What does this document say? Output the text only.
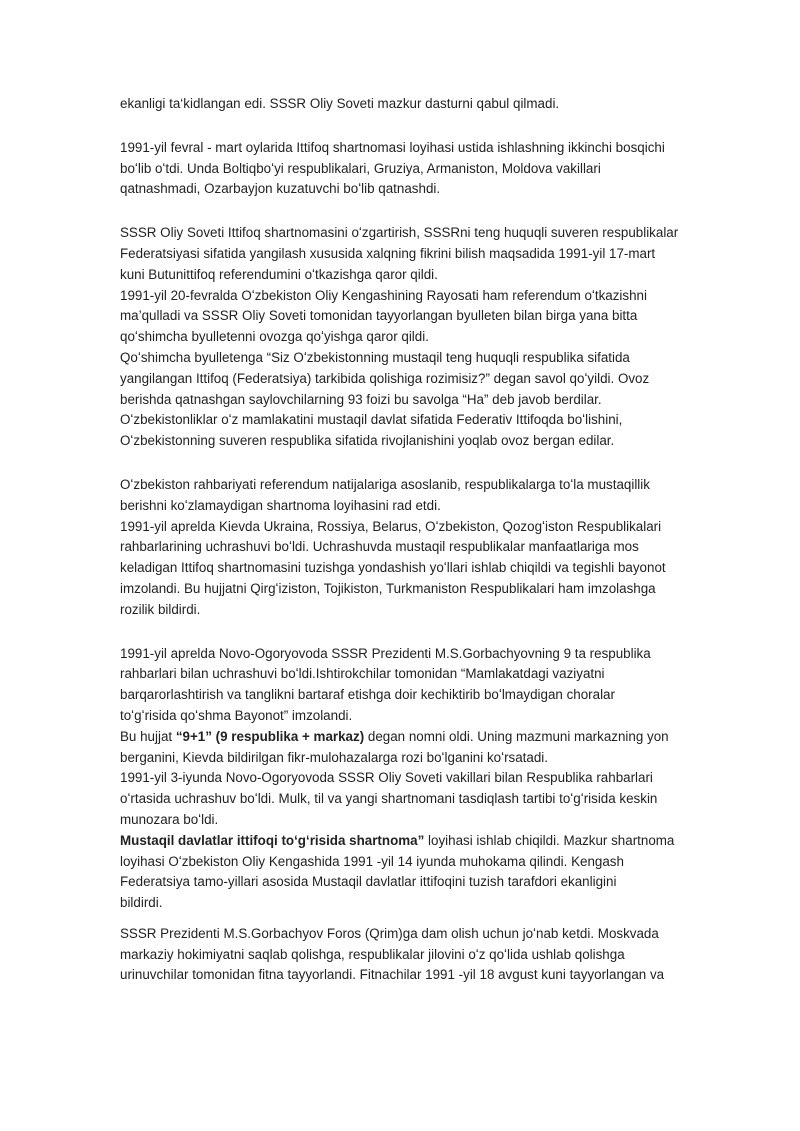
ekanligi ta‘kidlangan edi. SSSR Oliy Soveti mazkur dasturni qabul qilmadi.
1991-yil fevral - mart oylarida Ittifoq shartnomasi loyihasi ustida ishlashning ikkinchi bosqichi
boʻlib oʻtdi. Unda Boltiqboʻyi respublikalari, Gruziya, Armaniston, Moldova vakillari
qatnashmadi, Ozarbayjon kuzatuvchi boʻlib qatnashdi.
SSSR Oliy Soveti Ittifoq shartnomasini oʻzgartirish, SSSRni teng huquqli suveren respublikalar
Federatsiyasi sifatida yangilash xususida xalqning fikrini bilish maqsadida 1991-yil 17-mart
kuni Butunittifoq referendumini oʻtkazishga qaror qildi.
1991-yil 20-fevralda Oʻzbekiston Oliy Kengashining Rayosati ham referendum oʻtkazishni
ma’qulladi va SSSR Oliy Soveti tomonidan tayyorlangan byulleten bilan birga yana bitta
qoʻshimcha byulletenni ovozga qoʻyishga qaror qildi.
Qoʻshimcha byulletenga “Siz Oʻzbekistonning mustaqil teng huquqli respublika sifatida
yangilangan Ittifoq (Federatsiya) tarkibida qolishiga rozimisiz?” degan savol qoʻyildi. Ovoz
berishda qatnashgan saylovchilarning 93 foizi bu savolga “Ha” deb javob berdilar.
Oʻzbekistonliklar oʻz mamlakatini mustaqil davlat sifatida Federativ Ittifoqda boʻlishini,
Oʻzbekistonning suveren respublika sifatida rivojlanishini yoqlab ovoz bergan edilar.
Oʻzbekiston rahbariyati referendum natijalariga asoslanib, respublikalarga toʻla mustaqillik
berishni koʻzlamaydigan shartnoma loyihasini rad etdi.
1991-yil aprelda Kievda Ukraina, Rossiya, Belarus, Oʻzbekiston, Qozogʻiston Respublikalari
rahbarlarining uchrashuvi boʻldi. Uchrashuvda mustaqil respublikalar manfaatlariga mos
keladigan Ittifoq shartnomasini tuzishga yondashish yoʻllari ishlab chiqildi va tegishli bayonot
imzolandi. Bu hujjatni Qirgʻiziston, Tojikiston, Turkmaniston Respublikalari ham imzolashga
rozilik bildirdi.
1991-yil aprelda Novo-Ogoryovoda SSSR Prezidenti M.S.Gorbachyovning 9 ta respublika
rahbarlari bilan uchrashuvi boʻldi.Ishtirokchilar tomonidan “Mamlakatdagi vaziyatni
barqarorlashtirish va tanglikni bartaraf etishga doir kechiktirib boʻlmaydigan choralar
toʻgʻrisida qoʻshma Bayonot” imzolandi.
Bu hujjat “9+1” (9 respublika + markaz) degan nomni oldi. Uning mazmuni markazning yon
berganini, Kievda bildirilgan fikr-mulohazalarga rozi boʻlganini koʻrsatadi.
1991-yil 3-iyunda Novo-Ogoryovoda SSSR Oliy Soveti vakillari bilan Respublika rahbarlari
oʻrtasida uchrashuv boʻldi. Mulk, til va yangi shartnomani tasdiqlash tartibi toʻgʻrisida keskin
munozara boʻldi.
Mustaqil davlatlar ittifoqi toʻgʻrisida shartnoma” loyihasi ishlab chiqildi. Mazkur shartnoma
loyihasi Oʻzbekiston Oliy Kengashida 1991 -yil 14 iyunda muhokama qilindi. Kengash
Federatsiya tamo-yillari asosida Mustaqil davlatlar ittifoqini tuzish tarafdori ekanligini
bildirdi.
SSSR Prezidenti M.S.Gorbachyov Foros (Qrim)ga dam olish uchun joʻnab ketdi. Moskvada
markaziy hokimiyatni saqlab qolishga, respublikalar jilovini oʻz qoʻlida ushlab qolishga
urinuvchilar tomonidan fitna tayyorlandi. Fitnachilar 1991 -yil 18 avgust kuni tayyorlangan va
